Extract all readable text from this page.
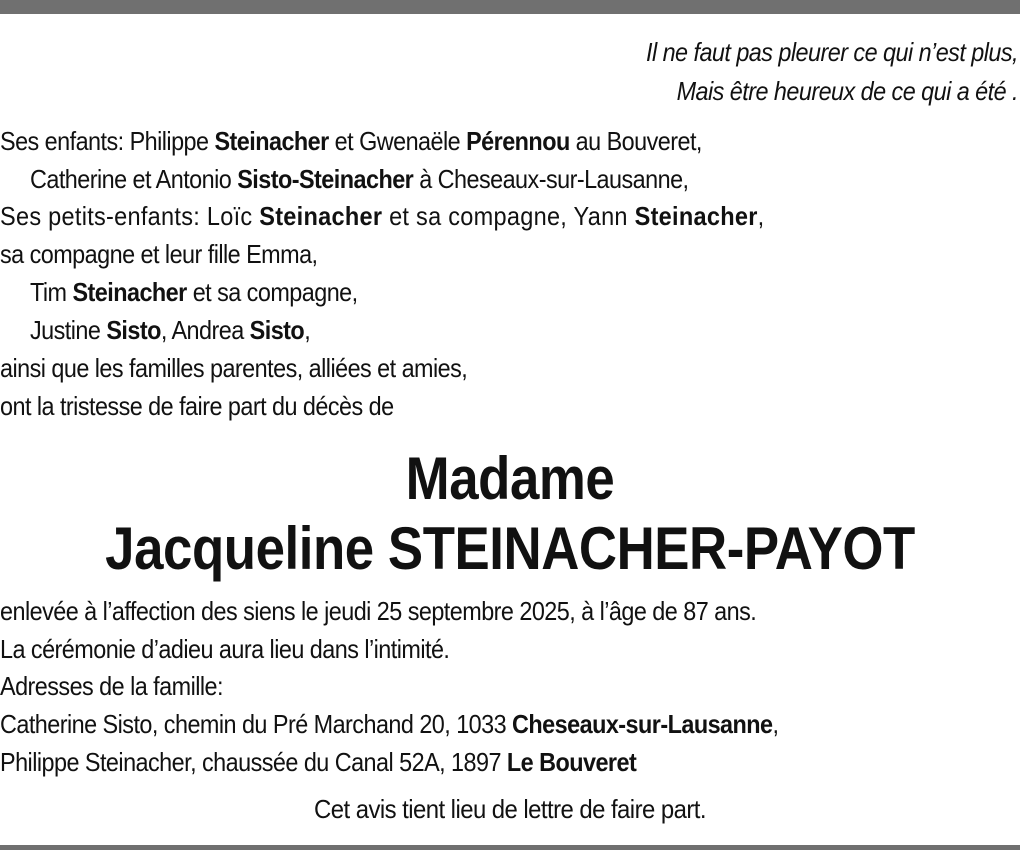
Il ne faut pas pleurer ce qui n’est plus,
Mais être heureux de ce qui a été .
Ses enfants: Philippe Steinacher et Gwenaële Pérennou au Bouveret,
Catherine et Antonio Sisto-Steinacher à Cheseaux-sur-Lausanne,
Ses petits-enfants: Loïc Steinacher et sa compagne, Yann Steinacher,
sa compagne et leur fille Emma,
Tim Steinacher et sa compagne,
Justine Sisto, Andrea Sisto,
ainsi que les familles parentes, alliées et amies,
ont la tristesse de faire part du décès de
Madame
Jacqueline STEINACHER-PAYOT
enlevée à l’affection des siens le jeudi 25 septembre 2025, à l’âge de 87 ans.
La cérémonie d’adieu aura lieu dans l’intimité.
Adresses de la famille:
Catherine Sisto, chemin du Pré Marchand 20, 1033 Cheseaux-sur-Lausanne,
Philippe Steinacher, chaussée du Canal 52A, 1897 Le Bouveret
Cet avis tient lieu de lettre de faire part.
